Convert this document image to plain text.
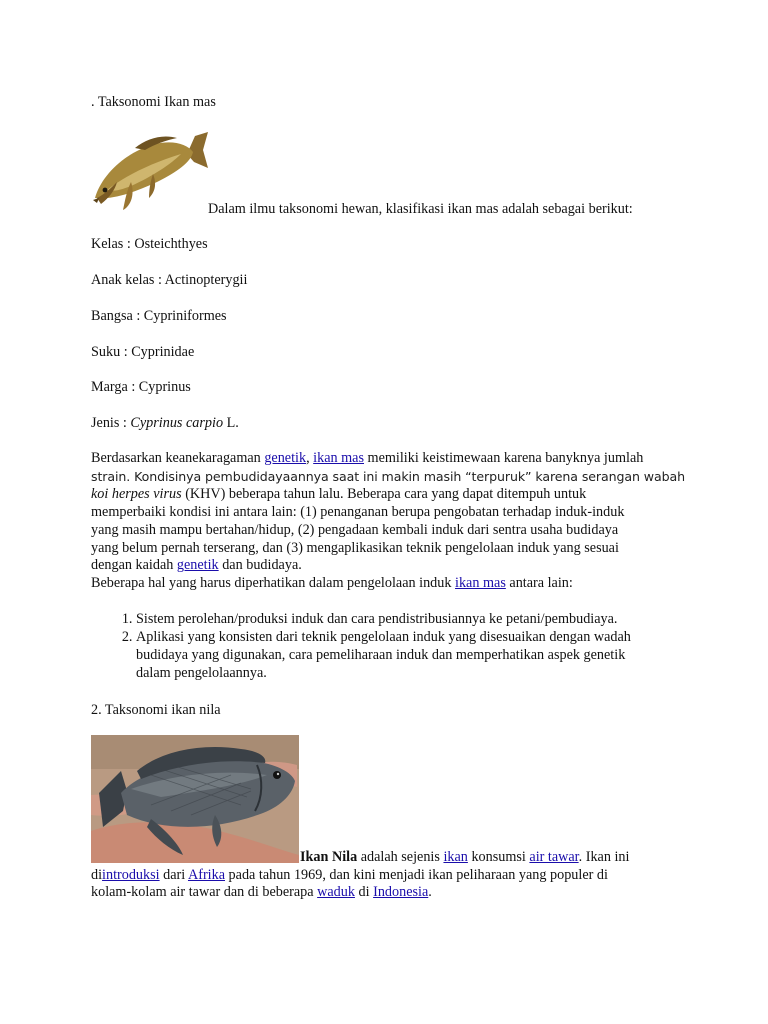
. Taksonomi Ikan mas
Dalam ilmu taksonomi hewan, klasifikasi ikan mas adalah sebagai berikut:
Kelas : Osteichthyes
Anak kelas : Actinopterygii
Bangsa : Cypriniformes
Suku : Cyprinidae
Marga : Cyprinus
Jenis : Cyprinus carpio L.
Berdasarkan keanekaragaman genetik, ikan mas memiliki keistimewaan karena banyknya jumlah
strain. Kondisinya pembudidayaannya saat ini makin masih “terpuruk” karena serangan wabah
koi herpes virus (KHV) beberapa tahun lalu. Beberapa cara yang dapat ditempuh untuk
memperbaiki kondisi ini antara lain: (1) penanganan berupa pengobatan terhadap induk-induk
yang masih mampu bertahan/hidup, (2) pengadaan kembali induk dari sentra usaha budidaya
yang belum pernah terserang, dan (3) mengaplikasikan teknik pengelolaan induk yang sesuai
dengan kaidah genetik dan budidaya.
Beberapa hal yang harus diperhatikan dalam pengelolaan induk ikan mas antara lain:
1. Sistem perolehan/produksi induk dan cara pendistribusiannya ke petani/pembudiaya.
2. Aplikasi yang konsisten dari teknik pengelolaan induk yang disesuaikan dengan wadah
budidaya yang digunakan, cara pemeliharaan induk dan memperhatikan aspek genetik
dalam pengelolaannya.
2. Taksonomi ikan nila
Ikan Nila adalah sejenis ikan konsumsi air tawar. Ikan ini
diintroduksi dari Afrika pada tahun 1969, dan kini menjadi ikan peliharaan yang populer di
kolam-kolam air tawar dan di beberapa waduk di Indonesia.
